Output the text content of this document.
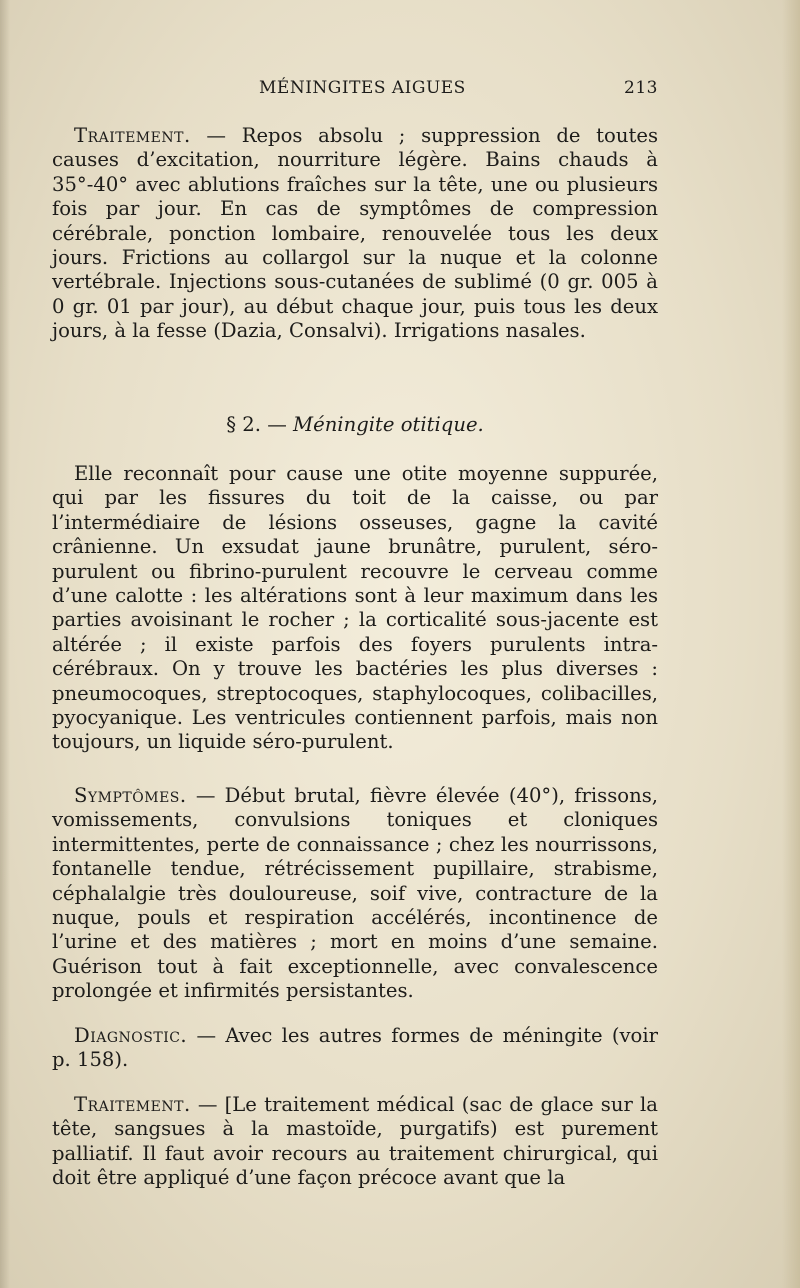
MÉNINGITES AIGUES	213

Traitement. — Repos absolu ; suppression de toutes causes d’excitation, nourriture légère. Bains chauds à 35°-40° avec ablutions fraîches sur la tête, une ou plusieurs fois par jour. En cas de symptômes de compression cérébrale, ponction lombaire, renouvelée tous les deux jours. Frictions au collargol sur la nuque et la colonne vertébrale. Injections sous-cutanées de sublimé (0 gr. 005 à 0 gr. 01 par jour), au début chaque jour, puis tous les deux jours, à la fesse (Dazia, Consalvi). Irrigations nasales.

§ 2. — Méningite otitique.

Elle reconnaît pour cause une otite moyenne suppurée, qui par les fissures du toit de la caisse, ou par l’intermédiaire de lésions osseuses, gagne la cavité crânienne. Un exsudat jaune brunâtre, purulent, séro-purulent ou fibrino-purulent recouvre le cerveau comme d’une calotte : les altérations sont à leur maximum dans les parties avoisinant le rocher ; la corticalité sous-jacente est altérée ; il existe parfois des foyers purulents intra-cérébraux. On y trouve les bactéries les plus diverses : pneumocoques, streptocoques, staphylocoques, colibacilles, pyocyanique. Les ventricules contiennent parfois, mais non toujours, un liquide séro-purulent.

Symptômes. — Début brutal, fièvre élevée (40°), frissons, vomissements, convulsions toniques et cloniques intermittentes, perte de connaissance ; chez les nourrissons, fontanelle tendue, rétrécissement pupillaire, strabisme, céphalalgie très douloureuse, soif vive, contracture de la nuque, pouls et respiration accélérés, incontinence de l’urine et des matières ; mort en moins d’une semaine. Guérison tout à fait exceptionnelle, avec convalescence prolongée et infirmités persistantes.

Diagnostic. — Avec les autres formes de méningite (voir p. 158).

Traitement. — [Le traitement médical (sac de glace sur la tête, sangsues à la mastoïde, purgatifs) est purement palliatif. Il faut avoir recours au traitement chirurgical, qui doit être appliqué d’une façon précoce avant que la
